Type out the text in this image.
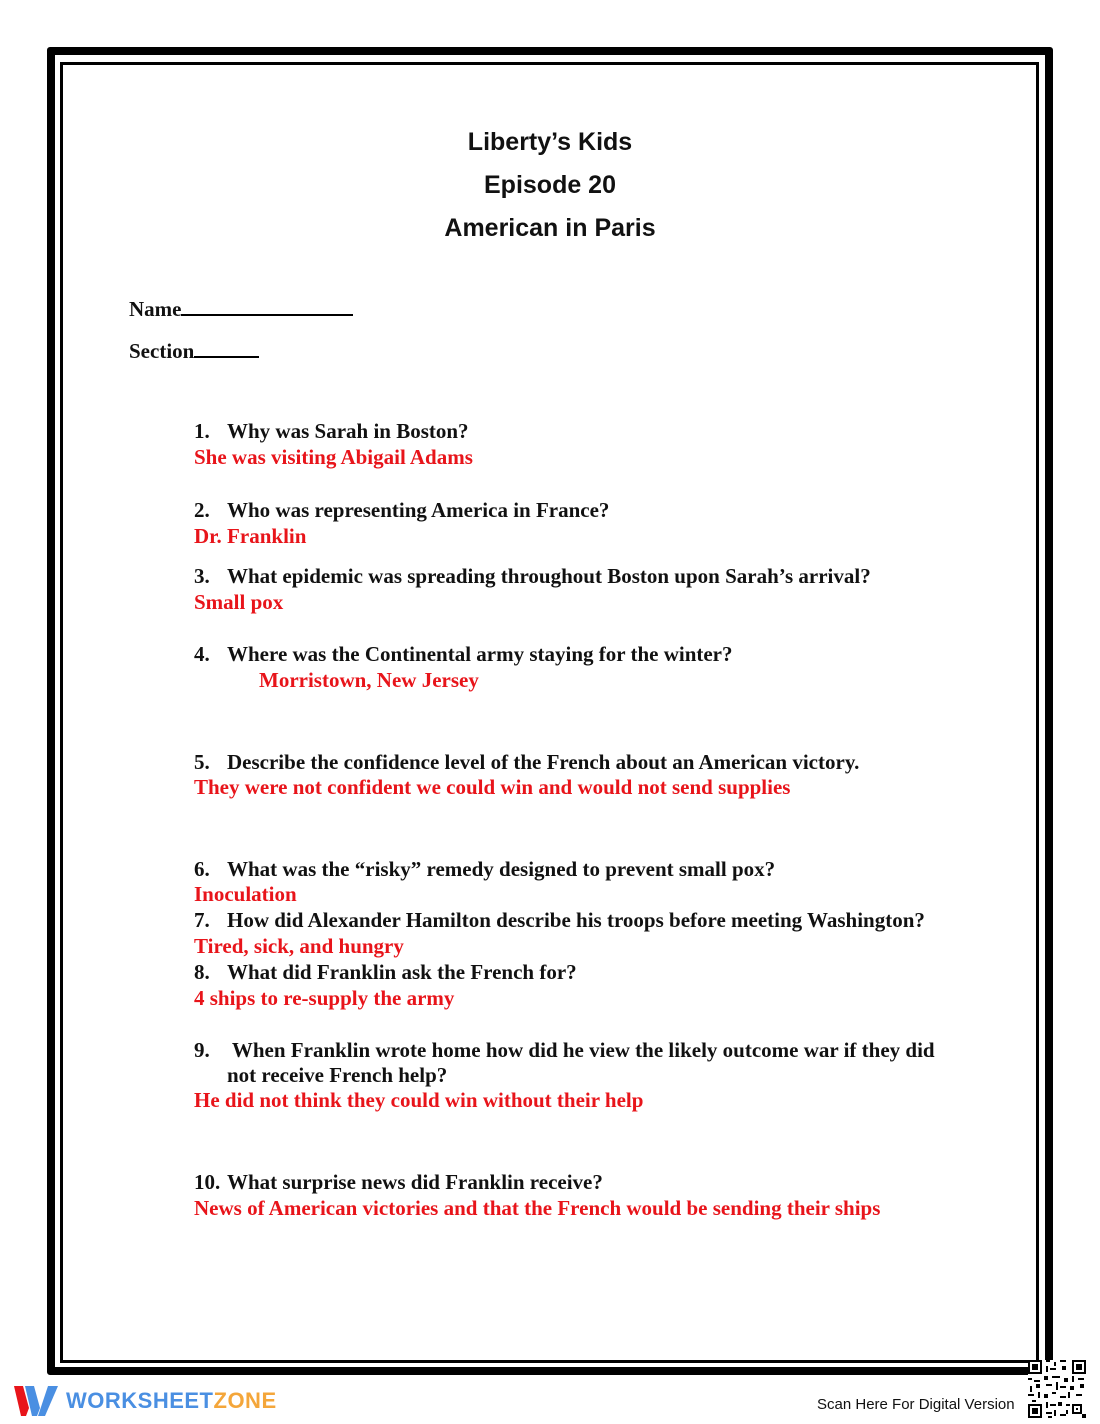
Liberty’s Kids
Episode 20
American in Paris
Name
Section
1. Why was Sarah in Boston?
She was visiting Abigail Adams
2. Who was representing America in France?
Dr. Franklin
3. What epidemic was spreading throughout Boston upon Sarah’s arrival?
Small pox
4. Where was the Continental army staying for the winter?
Morristown, New Jersey
5. Describe the confidence level of the French about an American victory.
They were not confident we could win and would not send supplies
6. What was the “risky” remedy designed to prevent small pox?
Inoculation
7. How did Alexander Hamilton describe his troops before meeting Washington?
Tired, sick, and hungry
8. What did Franklin ask the French for?
4 ships to re-supply the army
9. When Franklin wrote home how did he view the likely outcome war if they did
not receive French help?
He did not think they could win without their help
10. What surprise news did Franklin receive?
News of American victories and that the French would be sending their ships
WORKSHEETZONE	Scan Here For Digital Version
